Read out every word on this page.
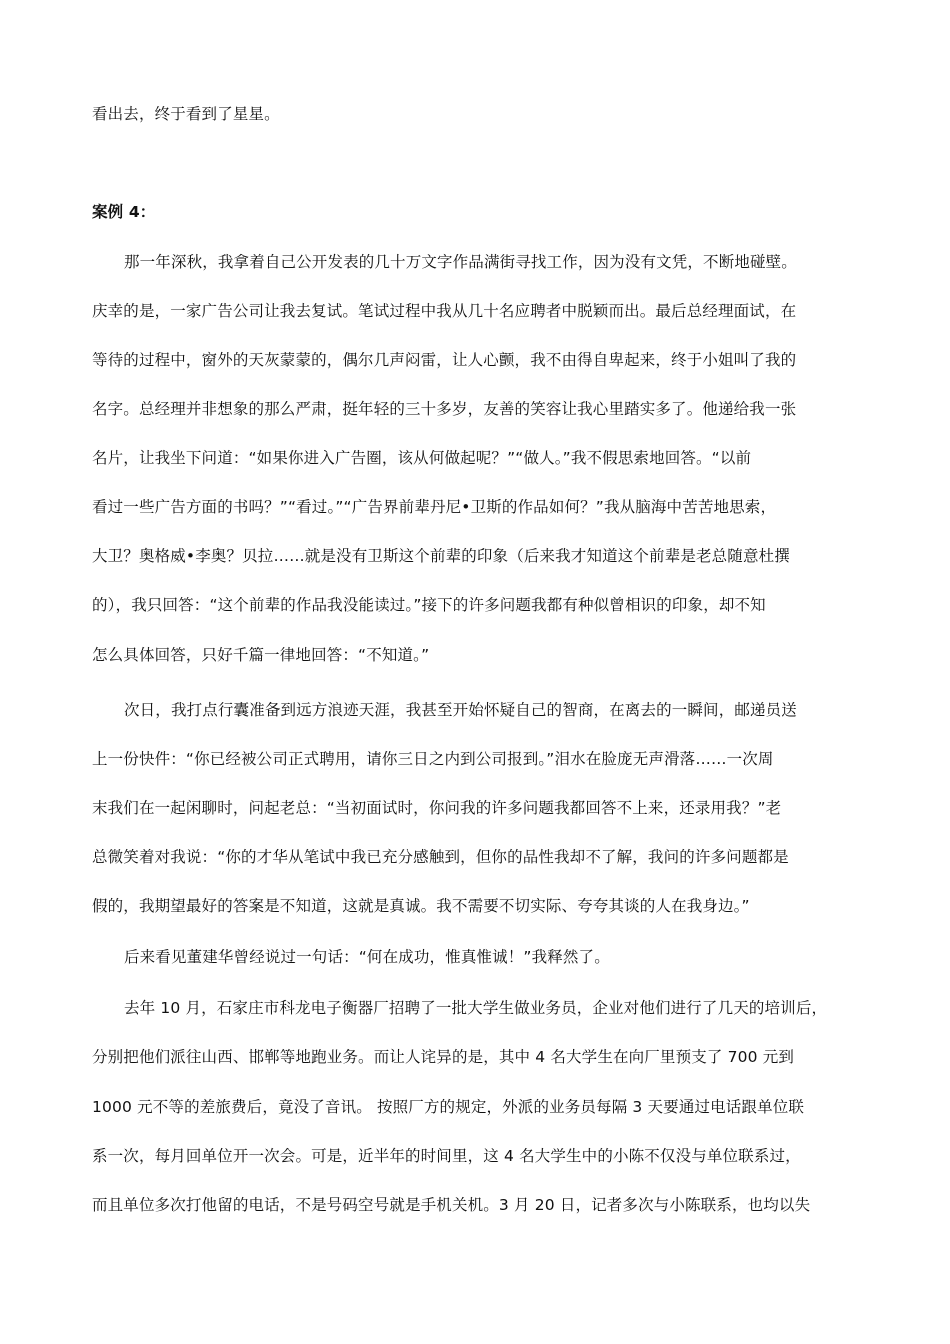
看出去，终于看到了星星。
案例 4：
那一年深秋，我拿着自己公开发表的几十万文字作品满街寻找工作，因为没有文凭，不断地碰壁。
庆幸的是，一家广告公司让我去复试。笔试过程中我从几十名应聘者中脱颖而出。最后总经理面试，在
等待的过程中，窗外的天灰蒙蒙的，偶尔几声闷雷，让人心颤，我不由得自卑起来，终于小姐叫了我的
名字。总经理并非想象的那么严肃，挺年轻的三十多岁，友善的笑容让我心里踏实多了。他递给我一张
名片，让我坐下问道：“如果你进入广告圈，该从何做起呢？”“做人。”我不假思索地回答。“以前
看过一些广告方面的书吗？”“看过。”“广告界前辈丹尼•卫斯的作品如何？”我从脑海中苦苦地思索，
大卫？奥格威•李奥？贝拉……就是没有卫斯这个前辈的印象（后来我才知道这个前辈是老总随意杜撰
的），我只回答：“这个前辈的作品我没能读过。”接下的许多问题我都有种似曾相识的印象，却不知
怎么具体回答，只好千篇一律地回答：“不知道。”
次日，我打点行囊准备到远方浪迹天涯，我甚至开始怀疑自己的智商，在离去的一瞬间，邮递员送
上一份快件：“你已经被公司正式聘用，请你三日之内到公司报到。”泪水在脸庞无声滑落……一次周
末我们在一起闲聊时，问起老总：“当初面试时，你问我的许多问题我都回答不上来，还录用我？”老
总微笑着对我说：“你的才华从笔试中我已充分感触到，但你的品性我却不了解，我问的许多问题都是
假的，我期望最好的答案是不知道，这就是真诚。我不需要不切实际、夸夸其谈的人在我身边。”
后来看见董建华曾经说过一句话：“何在成功，惟真惟诚！”我释然了。
去年 10 月，石家庄市科龙电子衡器厂招聘了一批大学生做业务员，企业对他们进行了几天的培训后，
分别把他们派往山西、邯郸等地跑业务。而让人诧异的是，其中 4 名大学生在向厂里预支了 700 元到
1000 元不等的差旅费后，竟没了音讯。 按照厂方的规定，外派的业务员每隔 3 天要通过电话跟单位联
系一次，每月回单位开一次会。可是，近半年的时间里，这 4 名大学生中的小陈不仅没与单位联系过，
而且单位多次打他留的电话，不是号码空号就是手机关机。3 月 20 日，记者多次与小陈联系，也均以失
